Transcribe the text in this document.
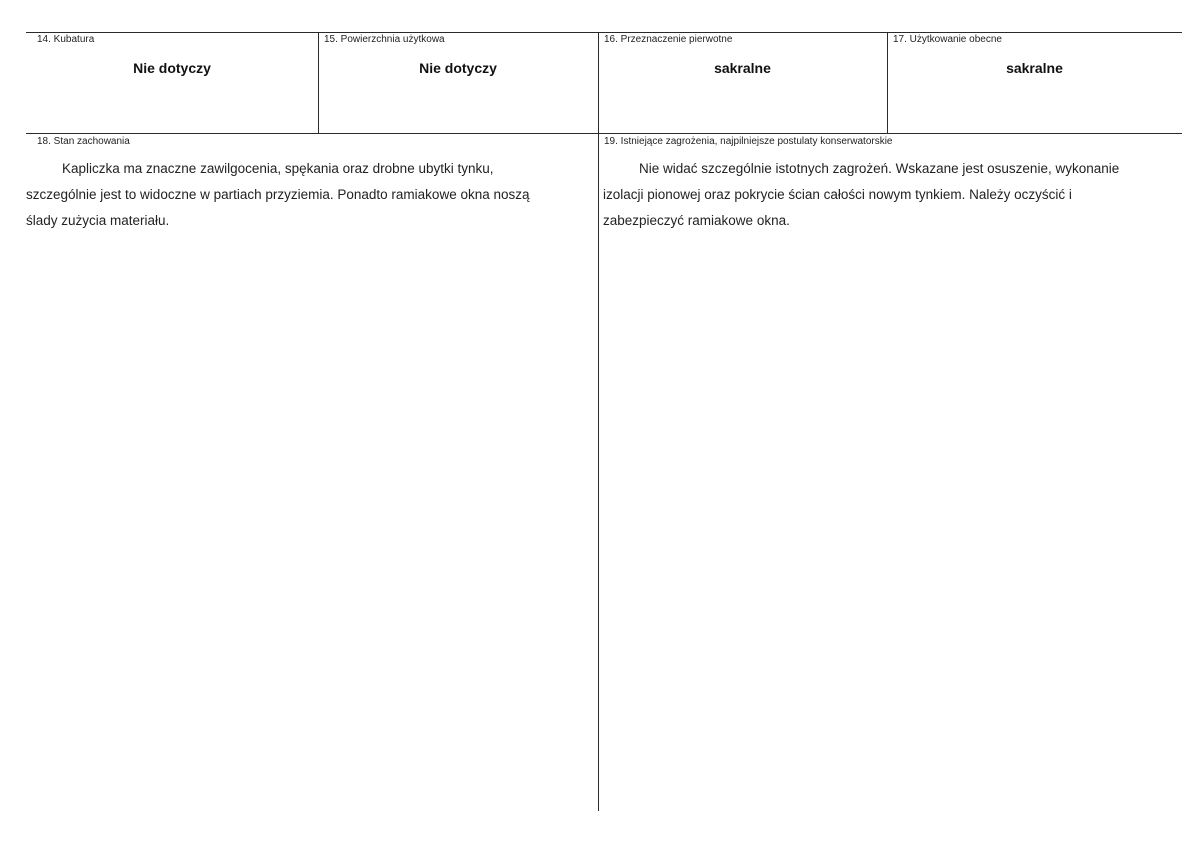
14. Kubatura
Nie dotyczy
15. Powierzchnia użytkowa
Nie dotyczy
16. Przeznaczenie pierwotne
sakralne
17. Użytkowanie obecne
sakralne
18. Stan zachowania

Kapliczka ma znaczne zawilgocenia, spękania oraz drobne ubytki tynku, szczególnie jest to widoczne w partiach przyziemia. Ponadto ramiakowe okna noszą ślady zużycia materiału.

19. Istniejące zagrożenia, najpilniejsze postulaty konserwatorskie

Nie widać szczególnie istotnych zagrożeń. Wskazane jest osuszenie, wykonanie izolacji pionowej oraz pokrycie ścian całości nowym tynkiem. Należy oczyścić i zabezpieczyć ramiakowe okna.
